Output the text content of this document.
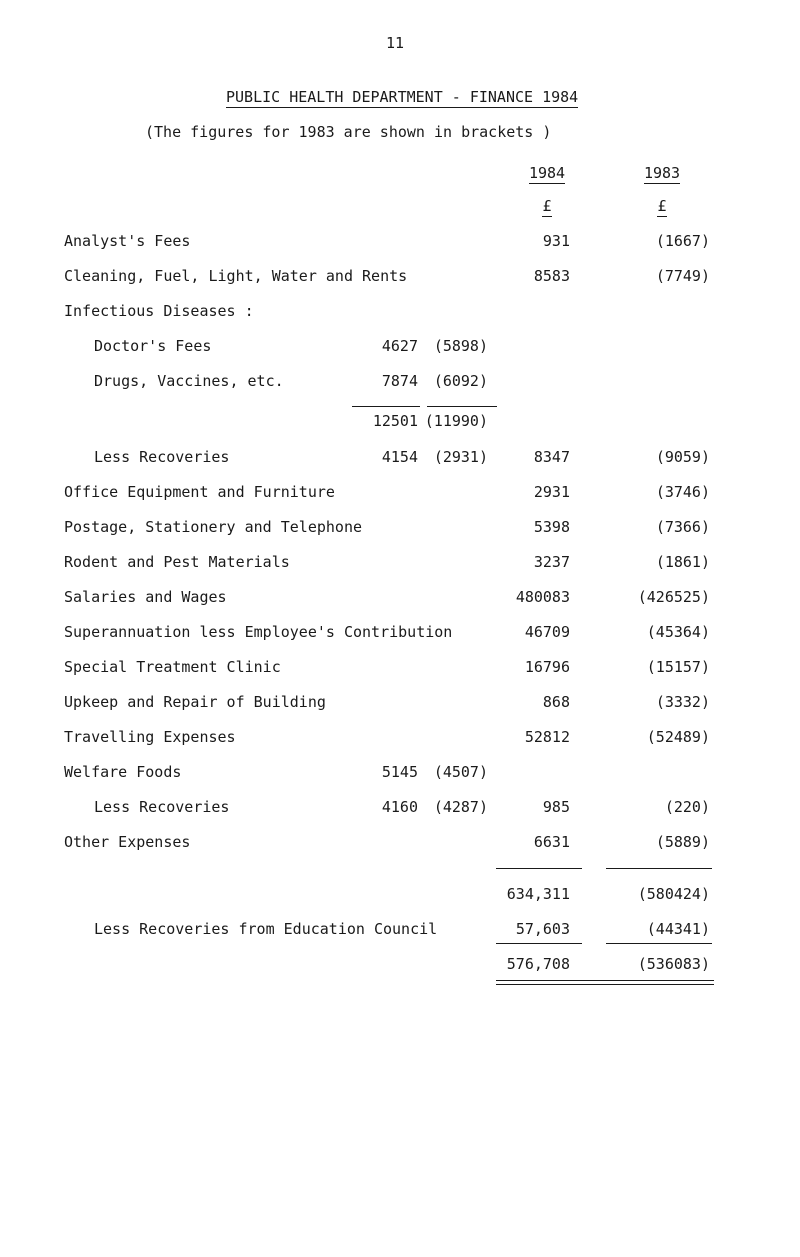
11
PUBLIC HEALTH DEPARTMENT - FINANCE 1984
(The figures for 1983 are shown in brackets )
1984	1983
£	£
Analyst's Fees	931	(1667)
Cleaning, Fuel, Light, Water and Rents	8583	(7749)
Infectious Diseases :
Doctor's Fees	4627	(5898)
Drugs, Vaccines, etc.	7874	(6092)
12501 (11990)
Less Recoveries	4154	(2931)	8347	(9059)
Office Equipment and Furniture	2931	(3746)
Postage, Stationery and Telephone	5398	(7366)
Rodent and Pest Materials	3237	(1861)
Salaries and Wages	480083	(426525)
Superannuation less Employee's Contribution	46709	(45364)
Special Treatment Clinic	16796	(15157)
Upkeep and Repair of Building	868	(3332)
Travelling Expenses	52812	(52489)
Welfare Foods	5145	(4507)
Less Recoveries	4160	(4287)	985	(220)
Other Expenses	6631	(5889)
634,311	(580424)
Less Recoveries from Education Council	57,603	(44341)
576,708	(536083)
